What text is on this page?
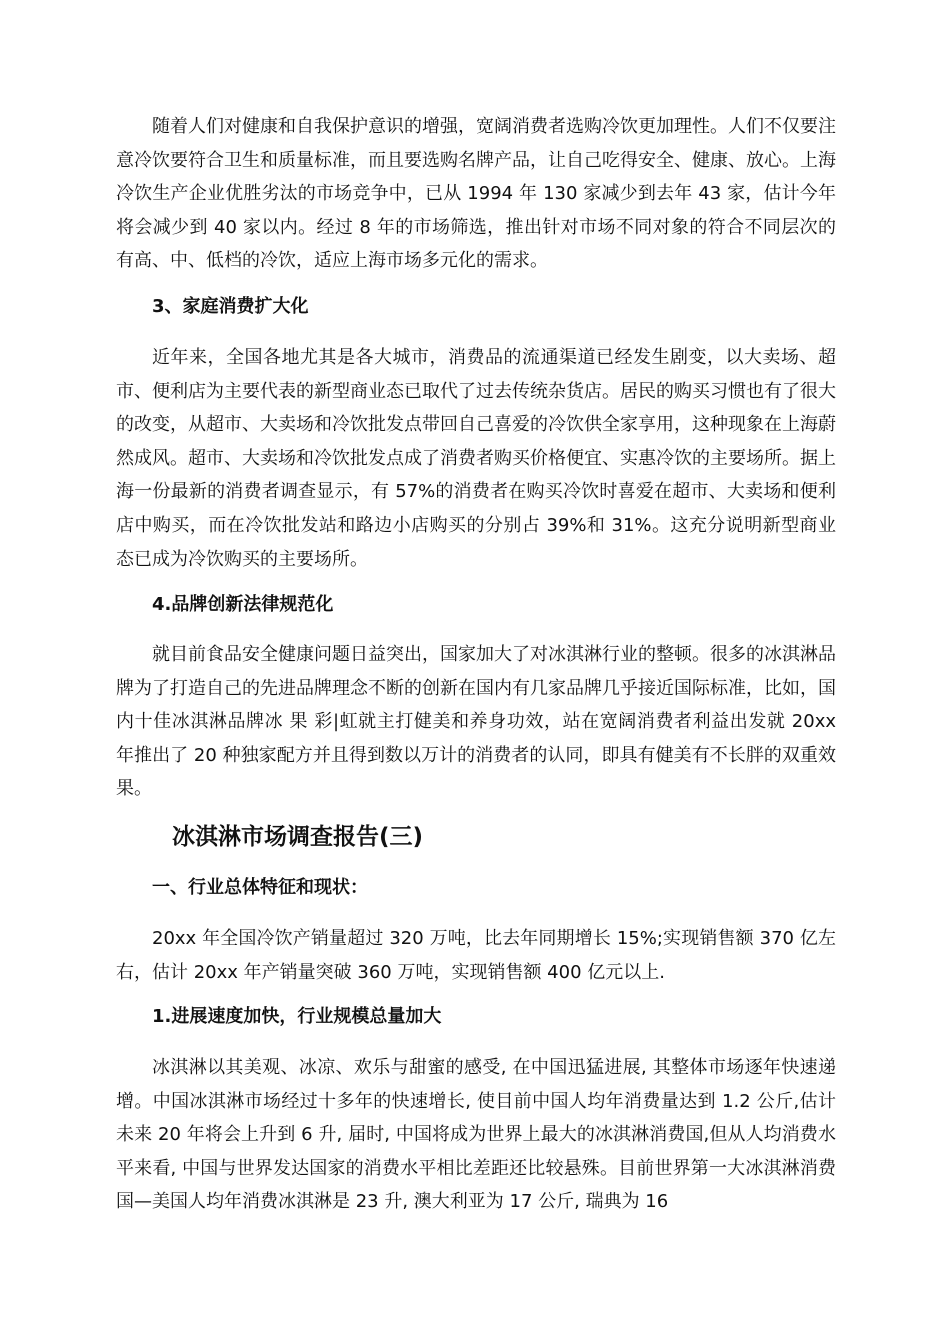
随着人们对健康和自我保护意识的增强，宽阔消费者选购冷饮更加理性。人们不仅要注意冷饮要符合卫生和质量标准，而且要选购名牌产品，让自己吃得安全、健康、放心。上海冷饮生产企业优胜劣汰的市场竞争中，已从 1994 年 130 家减少到去年 43 家，估计今年将会减少到 40 家以内。经过 8 年的市场筛选，推出针对市场不同对象的符合不同层次的有高、中、低档的冷饮，适应上海市场多元化的需求。

3、家庭消费扩大化

近年来，全国各地尤其是各大城市，消费品的流通渠道已经发生剧变，以大卖场、超市、便利店为主要代表的新型商业态已取代了过去传统杂货店。居民的购买习惯也有了很大的改变，从超市、大卖场和冷饮批发点带回自己喜爱的冷饮供全家享用，这种现象在上海蔚然成风。超市、大卖场和冷饮批发点成了消费者购买价格便宜、实惠冷饮的主要场所。据上海一份最新的消费者调查显示，有 57%的消费者在购买冷饮时喜爱在超市、大卖场和便利店中购买，而在冷饮批发站和路边小店购买的分别占 39%和 31%。这充分说明新型商业态已成为冷饮购买的主要场所。

4.品牌创新法律规范化

就目前食品安全健康问题日益突出，国家加大了对冰淇淋行业的整顿。很多的冰淇淋品牌为了打造自己的先进品牌理念不断的创新在国内有几家品牌几乎接近国际标准，比如，国内十佳冰淇淋品牌冰 果 彩|虹就主打健美和养身功效，站在宽阔消费者利益出发就 20xx 年推出了 20 种独家配方并且得到数以万计的消费者的认同，即具有健美有不长胖的双重效果。

冰淇淋市场调查报告(三)
一、行业总体特征和现状：

20xx 年全国冷饮产销量超过 320 万吨，比去年同期增长 15%;实现销售额 370 亿左右，估计 20xx 年产销量突破 360 万吨，实现销售额 400 亿元以上.

1.进展速度加快，行业规模总量加大

冰淇淋以其美观、冰凉、欢乐与甜蜜的感受, 在中国迅猛进展, 其整体市场逐年快速递增。中国冰淇淋市场经过十多年的快速增长, 使目前中国人均年消费量达到 1.2 公斤,估计未来 20 年将会上升到 6 升, 届时, 中国将成为世界上最大的冰淇淋消费国,但从人均消费水平来看, 中国与世界发达国家的消费水平相比差距还比较悬殊。目前世界第一大冰淇淋消费国—美国人均年消费冰淇淋是 23 升, 澳大利亚为 17 公斤, 瑞典为 16
